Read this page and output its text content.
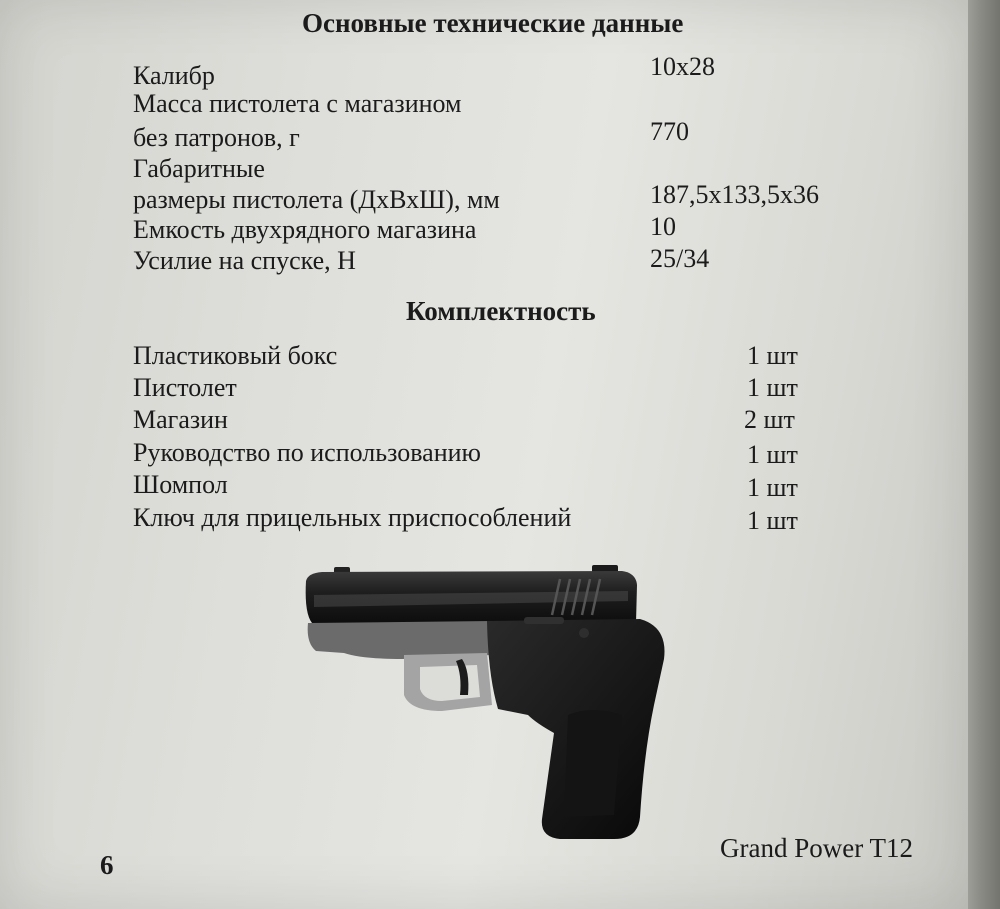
Основные технические данные
Калибр	10x28
Масса пистолета с магазином
без патронов, г	770
Габаритные
размеры пистолета (ДхВхШ), мм	187,5x133,5x36
Емкость двухрядного магазина	10
Усилие на спуске, Н	25/34
Комплектность
Пластиковый бокс	1 шт
Пистолет	1 шт
Магазин	2 шт
Руководство по использованию	1 шт
Шомпол	1 шт
Ключ для прицельных приспособлений	1 шт
6
Grand Power T12
